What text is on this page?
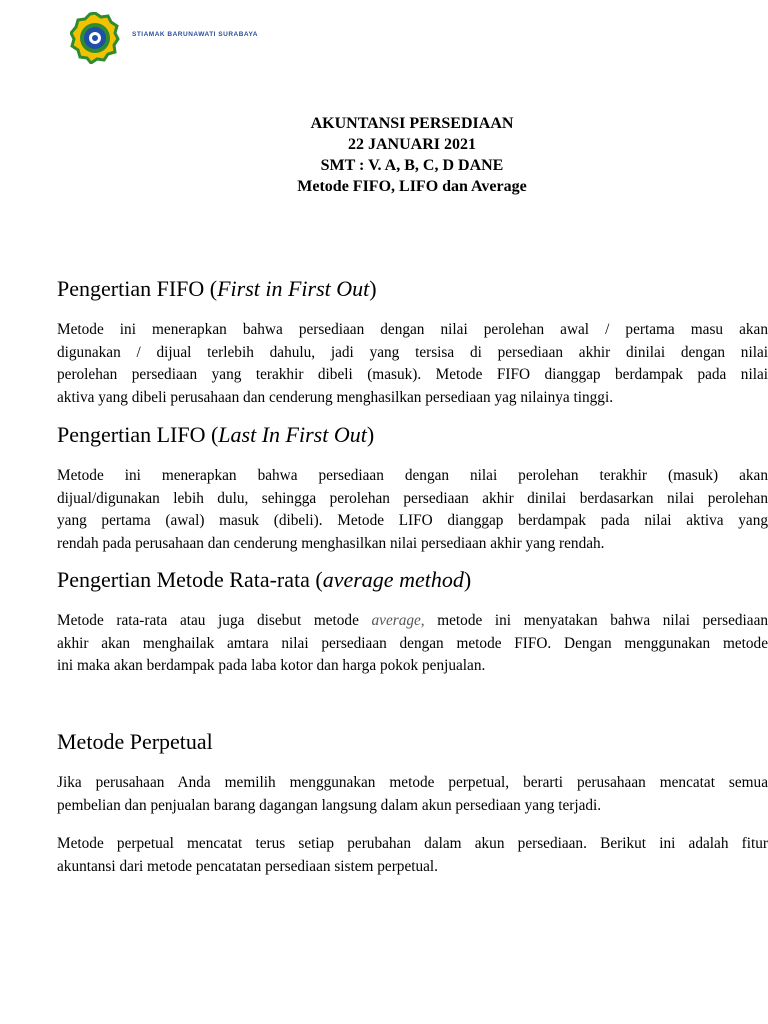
STIAMAK BARUNAWATI SURABAYA
AKUNTANSI PERSEDIAAN
22 JANUARI 2021
SMT : V. A, B, C, D DANE
Metode FIFO, LIFO dan Average
Pengertian FIFO (First in First Out)
Metode ini menerapkan bahwa persediaan dengan nilai perolehan awal / pertama masu akan
digunakan / dijual terlebih dahulu, jadi yang tersisa di persediaan akhir dinilai dengan nilai
perolehan persediaan yang terakhir dibeli (masuk). Metode FIFO dianggap berdampak pada nilai
aktiva yang dibeli perusahaan dan cenderung menghasilkan persediaan yag nilainya tinggi.
Pengertian LIFO (Last In First Out)
Metode ini menerapkan bahwa persediaan dengan nilai perolehan terakhir (masuk) akan
dijual/digunakan lebih dulu, sehingga perolehan persediaan akhir dinilai berdasarkan nilai perolehan
yang pertama (awal) masuk (dibeli). Metode LIFO dianggap berdampak pada nilai aktiva yang
rendah pada perusahaan dan cenderung menghasilkan nilai persediaan akhir yang rendah.
Pengertian Metode Rata-rata (average method)
Metode rata-rata atau juga disebut metode average, metode ini menyatakan bahwa nilai persediaan
akhir akan menghailak amtara nilai persediaan dengan metode FIFO. Dengan menggunakan metode
ini maka akan berdampak pada laba kotor dan harga pokok penjualan.
Metode Perpetual
Jika perusahaan Anda memilih menggunakan metode perpetual, berarti perusahaan mencatat semua
pembelian dan penjualan barang dagangan langsung dalam akun persediaan yang terjadi.
Metode perpetual mencatat terus setiap perubahan dalam akun persediaan. Berikut ini adalah fitur
akuntansi dari metode pencatatan persediaan sistem perpetual.
